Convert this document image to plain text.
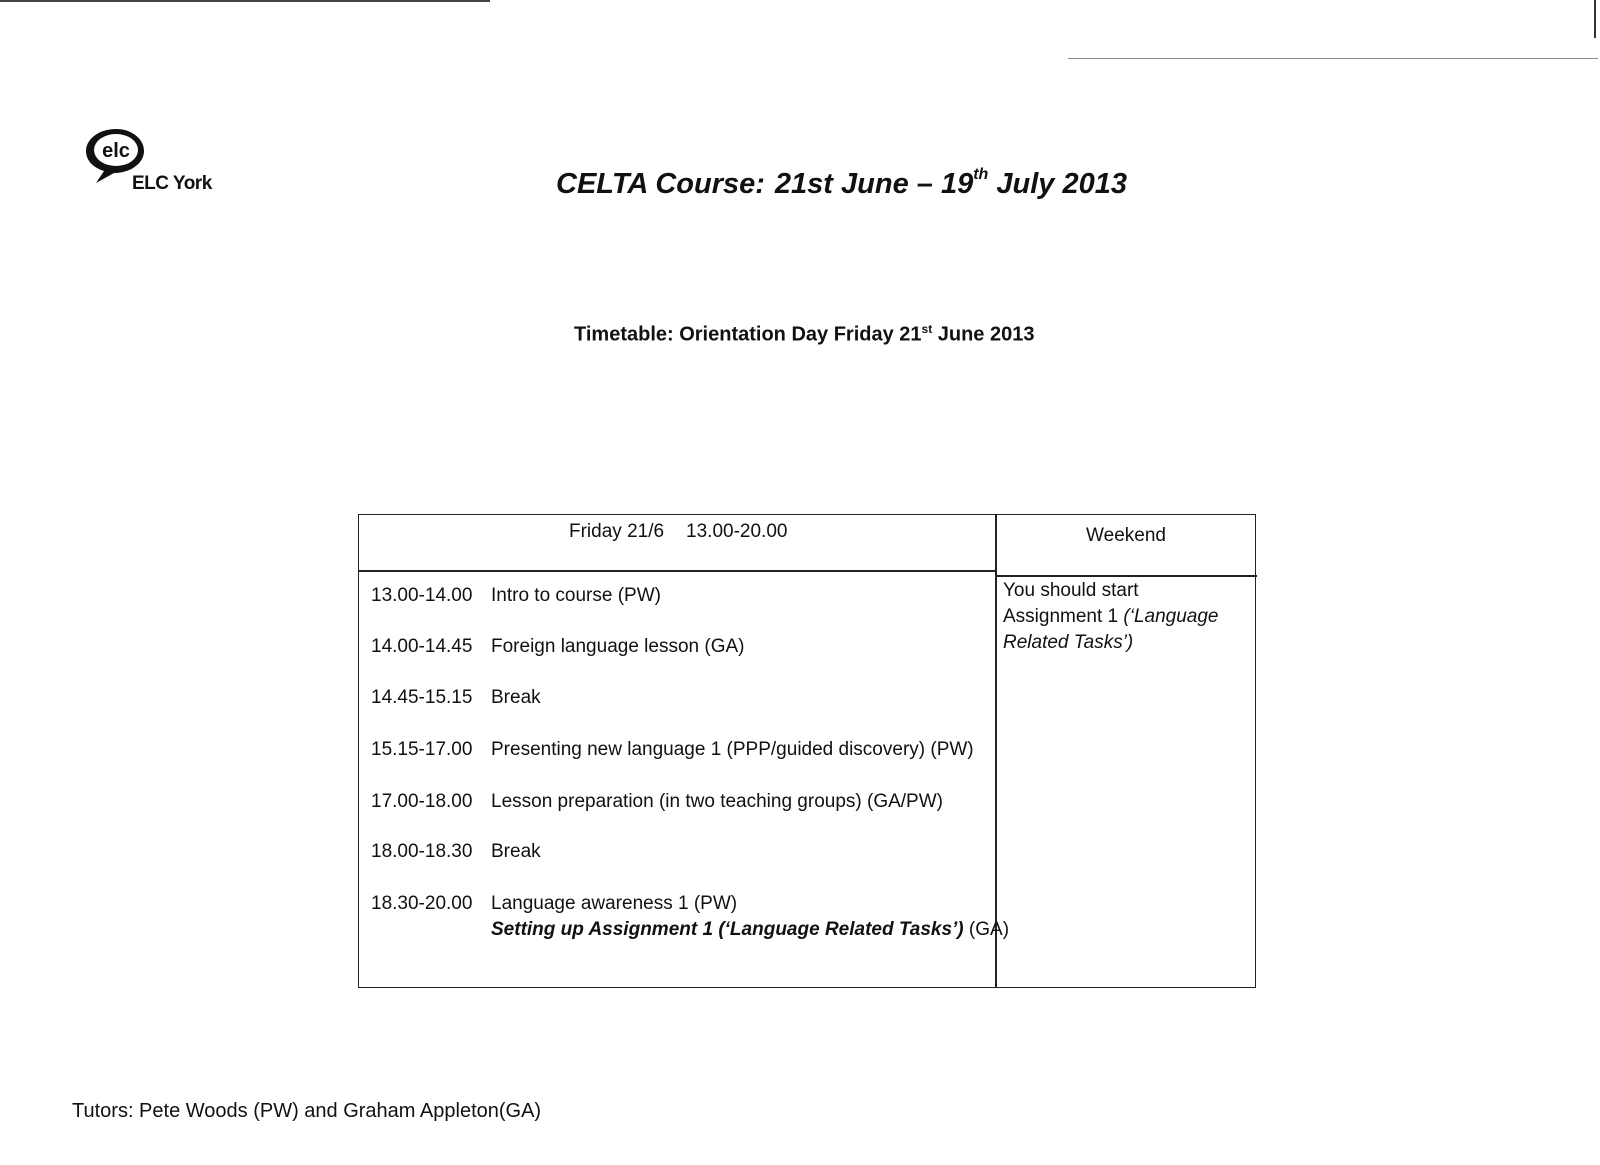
elc
ELC York	CELTA Course: 21st June – 19th July 2013
Timetable: Orientation Day Friday 21st June 2013
Friday 21/6 13.00-20.00	Weekend
13.00-14.00 Intro to course (PW)
14.00-14.45 Foreign language lesson (GA)
14.45-15.15 Break
15.15-17.00 Presenting new language 1 (PPP/guided discovery) (PW)
17.00-18.00 Lesson preparation (in two teaching groups) (GA/PW)
18.00-18.30 Break
18.30-20.00 Language awareness 1 (PW)
Setting up Assignment 1 (‘Language Related Tasks’) (GA)
You should start
Assignment 1 (‘Language Related Tasks’)
Tutors: Pete Woods (PW) and Graham Appleton(GA)
